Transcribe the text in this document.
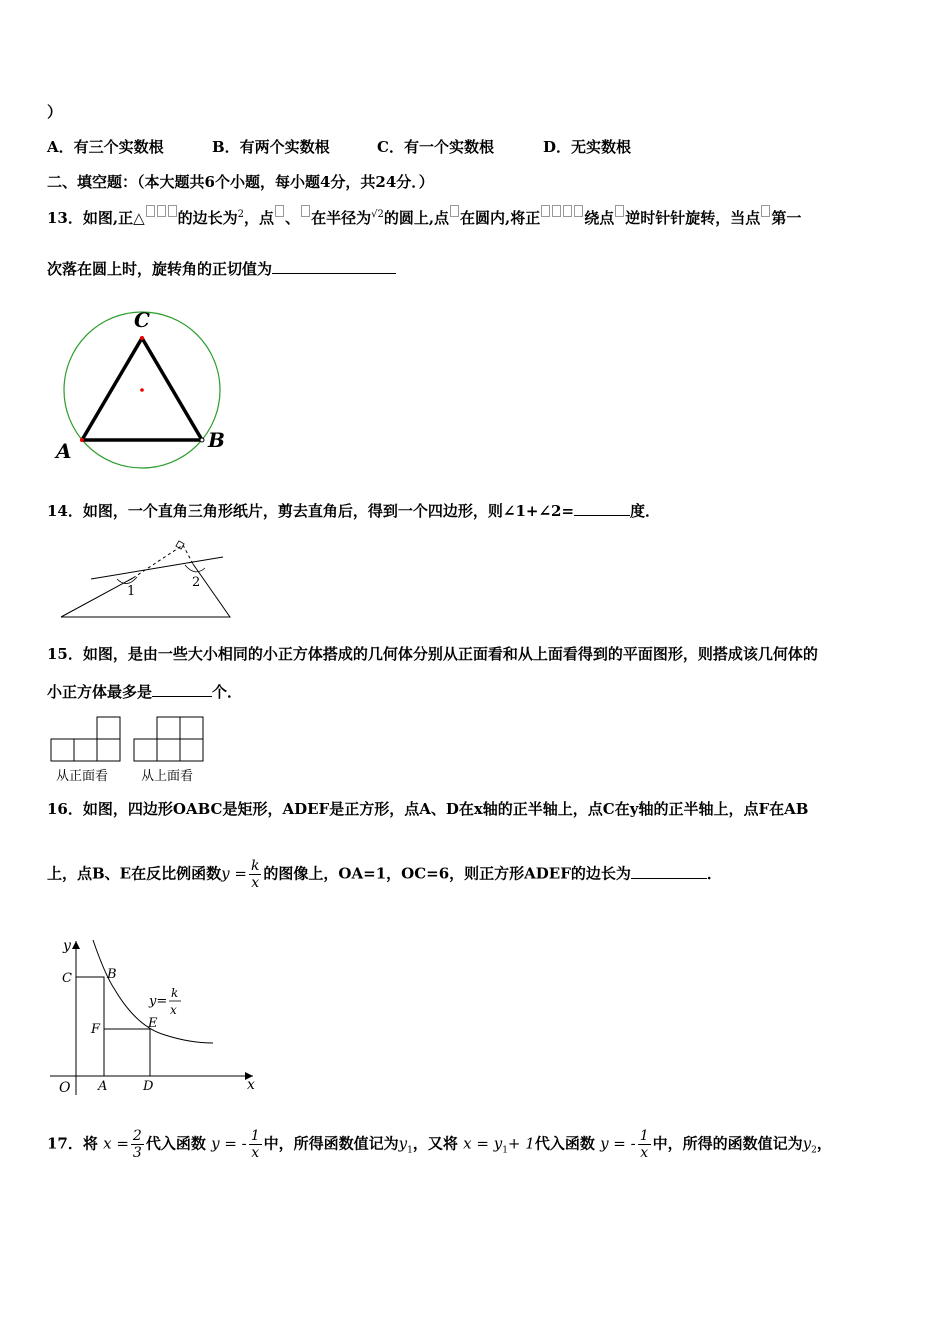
）
A．有三个实数根	B．有两个实数根	C．有一个实数根	D．无实数根
二、填空题：（本大题共6个小题，每小题4分，共24分．）
13．如图,正△ 的边长为$^2$，点 、 在半径为$^{√2}$的圆上,点 在圆内,将正	绕点 逆时针针旋转，当点 第一
次落在圆上时，旋转角的正切值为
C
A	B
14．如图，一个直角三角形纸片，剪去直角后，得到一个四边形，则∠1+∠2=	度．
1
2
15．如图，是由一些大小相同的小正方体搭成的几何体分别从正面看和从上面看得到的平面图形，则搭成该几何体的
小正方体最多是	个．
从正面看	从上面看
16．如图，四边形OABC是矩形，ADEF是正方形，点A、D在x轴的正半轴上，点C在y轴的正半轴上，点F在AB
上，点B、E在反比例函数$y = \frac{k}{x}$ 的图像上，OA=1，OC=6，则正方形ADEF的边长为	．
y
x
O A	D
C	B
F	E
y=
k
x
17．将 $x = \frac{2}{3}$ 代入函数 y = - $\frac{1}{x}$ 中，所得函数值记为$y_1$，又将 $x = y_1+ 1$代入函数 y = - $\frac{1}{x}$ 中，所得的函数值记为$y_2$，
